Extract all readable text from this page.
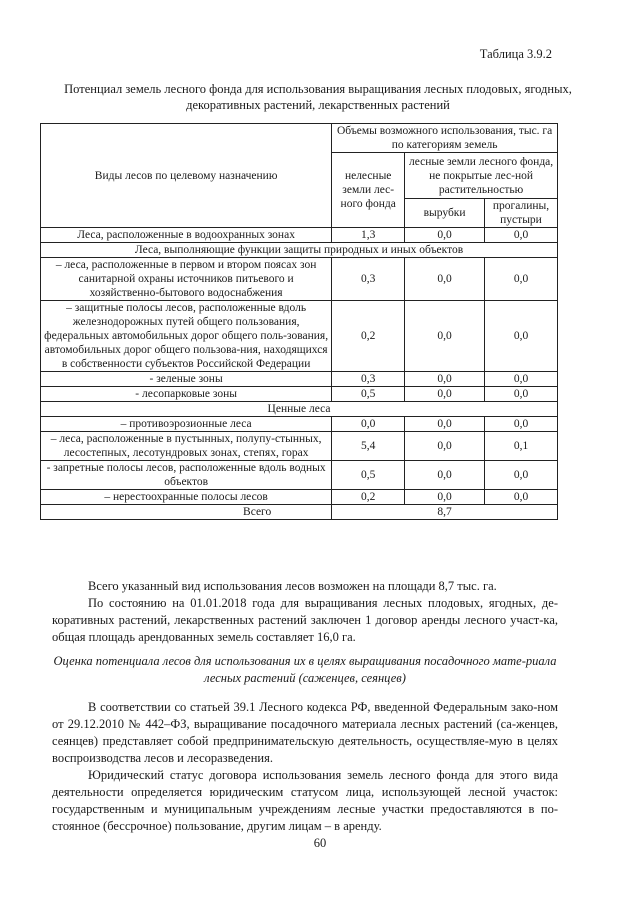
Таблица 3.9.2
Потенциал земель лесного фонда для использования выращивания лесных плодовых, ягодных, декоративных растений, лекарственных растений
Виды лесов по целевому назначению	Объемы возможного использования, тыс. га по категориям земель		
	нелесные земли лес-ного фонда	лесные земли лесного фонда, не покрытые лес-ной растительностью	
		вырубки	прогалины, пустыри
Леса, расположенные в водоохранных зонах	1,3	0,0	0,0
Леса, выполняющие функции защиты природных и иных объектов			
– леса, расположенные в первом и втором поясах зон санитарной охраны источников питьевого и хозяйственно-бытового водоснабжения	0,3	0,0	0,0
– защитные полосы лесов, расположенные вдоль железнодорожных путей общего пользования, федеральных автомобильных дорог общего поль-зования, автомобильных дорог общего пользова-ния, находящихся в собственности субъектов Российской Федерации	0,2	0,0	0,0
- зеленые зоны	0,3	0,0	0,0
- лесопарковые зоны	0,5	0,0	0,0
Ценные леса			
– противоэрозионные леса	0,0	0,0	0,0
– леса, расположенные в пустынных, полупу-стынных, лесостепных, лесотундровых зонах, степях, горах	5,4	0,0	0,1
- запретные полосы лесов, расположенные вдоль водных объектов	0,5	0,0	0,0
– нерестоохранные полосы лесов	0,2	0,0	0,0
Всего	8,7		

Всего указанный вид использования лесов возможен на площади 8,7 тыс. га.

По состоянию на 01.01.2018 года для выращивания лесных плодовых, ягодных, де-коративных растений, лекарственных растений заключен 1 договор аренды лесного участ-ка, общая площадь арендованных земель составляет 16,0 га.

Оценка потенциала лесов для использования их в целях выращивания посадочного мате-риала лесных растений (саженцев, сеянцев)

В соответствии со статьей 39.1 Лесного кодекса РФ, введенной Федеральным зако-ном от 29.12.2010 № 442–ФЗ, выращивание посадочного материала лесных растений (са-женцев, сеянцев) представляет собой предпринимательскую деятельность, осуществляе-мую в целях воспроизводства лесов и лесоразведения.

Юридический статус договора использования земель лесного фонда для этого вида деятельности определяется юридическим статусом лица, использующей лесной участок: государственным и муниципальным учреждениям лесные участки предоставляются в по-стоянное (бессрочное) пользование, другим лицам – в аренду.

60
